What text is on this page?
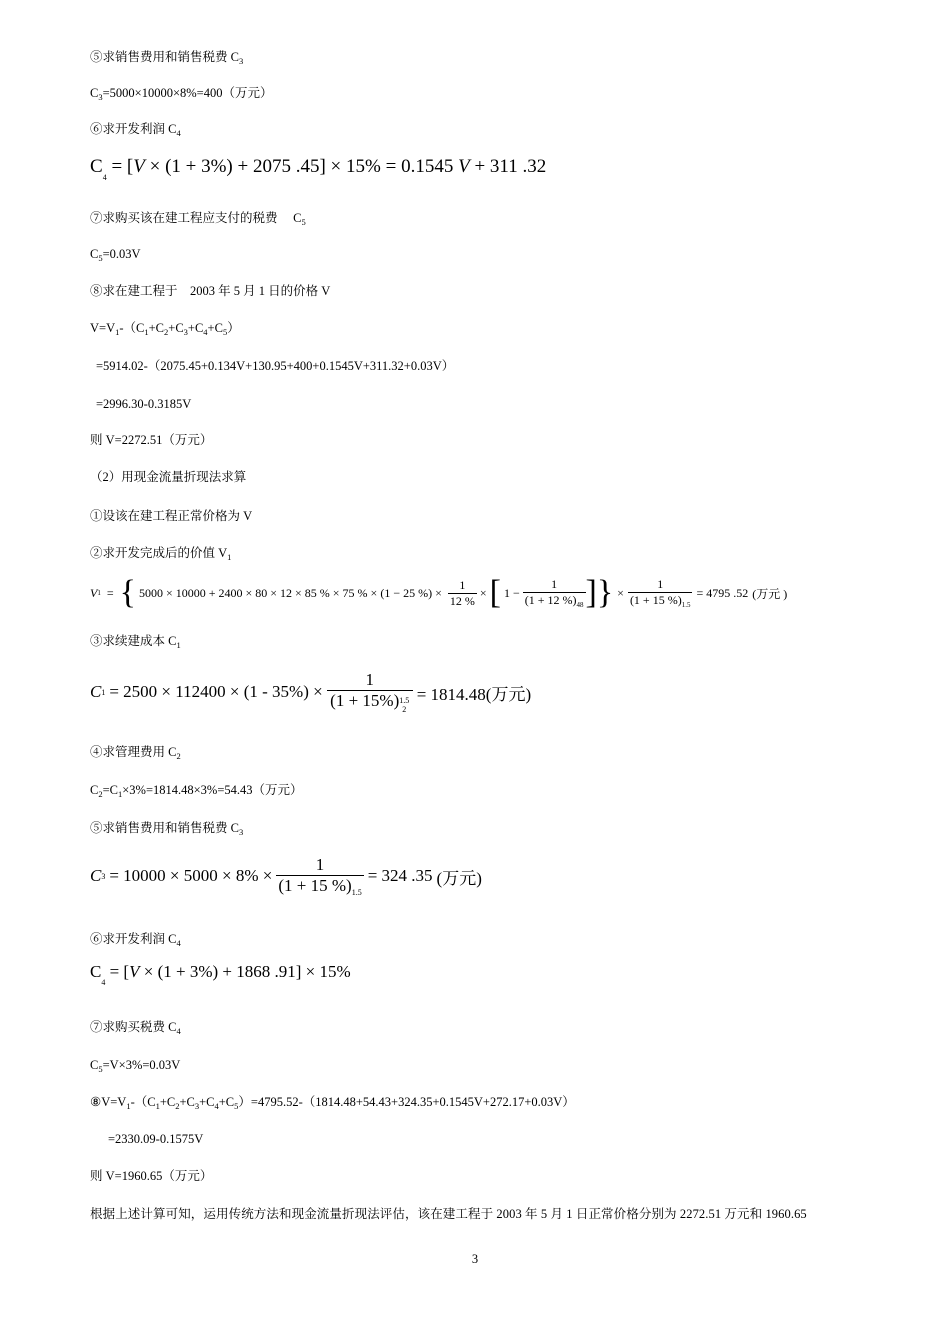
⑤求销售费用和销售税费 $C_3$
$C_3=5000\times 10000\times 8\%=400$（万元）
⑥求开发利润 $C_4$
$C_4 = [V \times (1 + 3\%) + 2075$ .45] × 15% = 0.1545 V + 311 .32
⑦求购买该在建工程应支付的税费　 $C_5$
$C_5=0.03V$
⑧求在建工程于　2003 年 5 月 1 日的价格 V
$V=V_1-(C_1+C_2+C_3+C_4+C_5)$
=5914.02-（2075.45+0.134V+130.95+400+0.1545V+311.32+0.03V）
=2996.30-0.3185V
则 V=2272.51（万元）
（2）用现金流量折现法求算
①设该在建工程正常价格为 V
②求开发完成后的价值 $V_1$
V 1 = { 5000 × 10000 + 2400 × 80 × 12 × 85 % × 75 % × (1 − 25 %) × $\frac{1}{12 \%}$ × [ $1 - \frac{1}{(1 + 12 \%)_{48}}$ ] } × $\frac{1}{(1 + 15 \%)_{1.5}} = 4795$ .52 (万元 )
③求续建成本 $C_1$
C 1 = 2500 × 112400 × (1 - 35%) × 1
(1 + 15%) 1.5
2 = 1814.48(万元)
④求管理费用 $C_2$
$C_2=C_1\times 3\%=1814.48\times 3\%=54.43$（万元）
⑤求销售费用和销售税费 $C_3$
C $3 = 10000 \times 5000 \times 8\% \times \frac{1}{(1 + 15 \%)_{1.5}} = 324$ .35 (万元)
⑥求开发利润 $C_4$
$C_4 = [V \times (1 + 3\%) + 1868$ .91] × 15%
⑦求购买税费 $C_4$
$C_5=V\times 3\%=0.03V$
$⑧V=V_1-(C_1+C_2+C_3+C_4+C_5)=4795.52-(1814.48+54.43+324.35+0.1545V+272.17+0.03V)$
=2330.09-0.1575V
则 V=1960.65（万元）
根据上述计算可知，运用传统方法和现金流量折现法评估，该在建工程于 2003 年 5 月 1 日正常价格分别为 2272.51 万元和 1960.65
3
